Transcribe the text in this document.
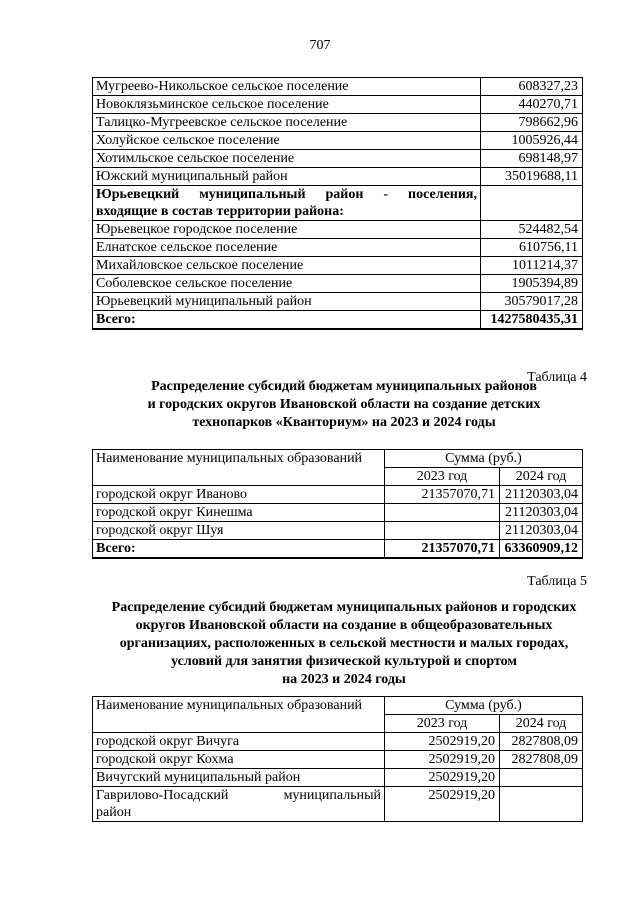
707
Мугреево-Никольское сельское поселение	608327,23
Новоклязьминское сельское поселение	440270,71
Талицко-Мугреевское сельское поселение	798662,96
Холуйское сельское поселение	1005926,44
Хотимльское сельское поселение	698148,97
Южский муниципальный район	35019688,11

Юрьевецкий муниципальный район - поселения,
входящие в состав территории района:	

Юрьевецкое городское поселение	524482,54
Елнатское сельское поселение	610756,11
Михайловское сельское поселение	1011214,37
Соболевское сельское поселение	1905394,89
Юрьевецкий муниципальный район	30579017,28
Всего:	1427580435,31
Таблица 4
Распределение субсидий бюджетам муниципальных районов
и городских округов Ивановской области на создание детских
технопарков «Кванториум» на 2023 и 2024 годы
Наименование муниципальных образований	Сумма (руб.)	
	2023 год	2024 год
городской округ Иваново	21357070,71	21120303,04
городской округ Кинешма		21120303,04
городской округ Шуя		21120303,04
Всего:	21357070,71	63360909,12
Таблица 5
Распределение субсидий бюджетам муниципальных районов и городских
округов Ивановской области на создание в общеобразовательных
организациях, расположенных в сельской местности и малых городах,
условий для занятия физической культурой и спортом
на 2023 и 2024 годы
Наименование муниципальных образований	Сумма (руб.)	
	2023 год	2024 год
городской округ Вичуга	2502919,20	2827808,09
городской округ Кохма	2502919,20	2827808,09
Вичугский муниципальный район	2502919,20	

Гаврилово-Посадский муниципальный
район	2502919,20	
